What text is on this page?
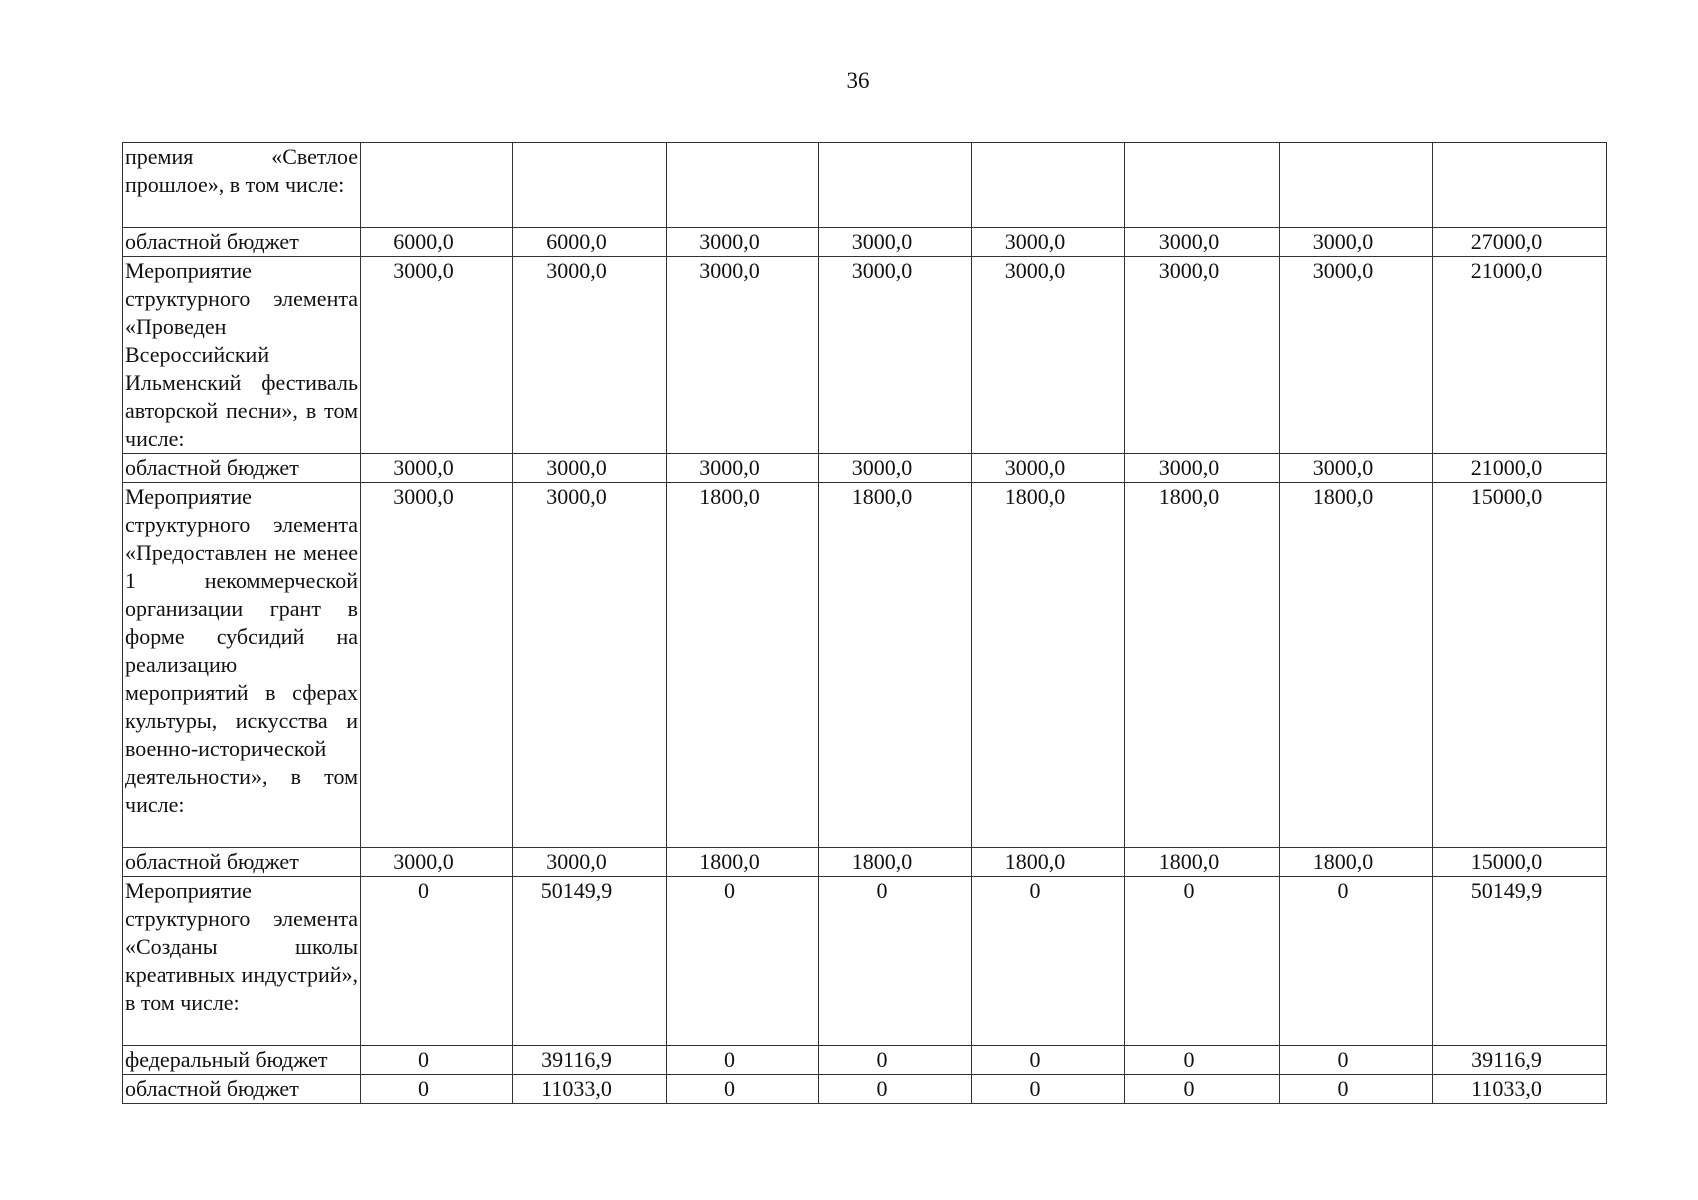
36
премия «Светлое прошлое», в том числе:								
областной бюджет	6000,0	6000,0	3000,0	3000,0	3000,0	3000,0	3000,0	27000,0
Мероприятие структурного элемента «Проведен Всероссийский Ильменский фестиваль авторской песни», в том числе:	3000,0	3000,0	3000,0	3000,0	3000,0	3000,0	3000,0	21000,0
областной бюджет	3000,0	3000,0	3000,0	3000,0	3000,0	3000,0	3000,0	21000,0
Мероприятие структурного элемента «Предоставлен не менее 1 некоммерческой организации грант в форме субсидий на реализацию мероприятий в сферах культуры, искусства и военно-исторической деятельности», в том числе:	3000,0	3000,0	1800,0	1800,0	1800,0	1800,0	1800,0	15000,0
областной бюджет	3000,0	3000,0	1800,0	1800,0	1800,0	1800,0	1800,0	15000,0
Мероприятие структурного элемента «Созданы школы креативных индустрий», в том числе:	0	50149,9	0	0	0	0	0	50149,9
федеральный бюджет	0	39116,9	0	0	0	0	0	39116,9
областной бюджет	0	11033,0	0	0	0	0	0	11033,0
